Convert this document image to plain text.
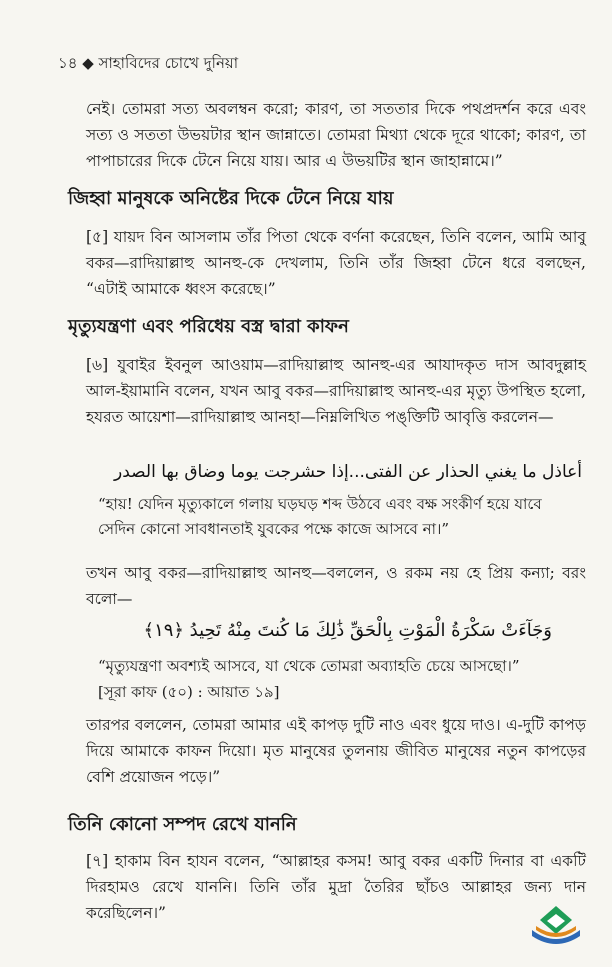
১৪ ◆ সাহাবিদের চোখে দুনিয়া

নেই। তোমরা সত্য অবলম্বন করো; কারণ, তা সততার দিকে পথপ্রদর্শন করে এবং সত্য ও সততা উভয়টার স্থান জান্নাতে। তোমরা মিথ্যা থেকে দূরে থাকো; কারণ, তা পাপাচারের দিকে টেনে নিয়ে যায়। আর এ উভয়টির স্থান জাহান্নামে।”

জিহ্বা মানুষকে অনিষ্টের দিকে টেনে নিয়ে যায়

[৫] যায়দ বিন আসলাম তাঁর পিতা থেকে বর্ণনা করেছেন, তিনি বলেন, আমি আবু বকর—রাদিয়াল্লাহু আনহু-কে দেখলাম, তিনি তাঁর জিহ্বা টেনে ধরে বলছেন, “এটাই আমাকে ধ্বংস করেছে।”

মৃত্যুযন্ত্রণা এবং পরিধেয় বস্ত্র দ্বারা কাফন

[৬] যুবাইর ইবনুল আওয়াম—রাদিয়াল্লাহু আনহু-এর আযাদকৃত দাস আবদুল্লাহ আল-ইয়ামানি বলেন, যখন আবু বকর—রাদিয়াল্লাহু আনহু-এর মৃত্যু উপস্থিত হলো, হযরত আয়েশা—রাদিয়াল্লাহু আনহা—নিম্নলিখিত পঙ্‌ক্তিটি আবৃত্তি করলেন—

أعاذل ما يغني الحذار عن الفتى...إذا حشرجت يوما وضاق بها الصدر

“হায়! যেদিন মৃত্যুকালে গলায় ঘড়ঘড় শব্দ উঠবে এবং বক্ষ সংকীর্ণ হয়ে যাবে সেদিন কোনো সাবধানতাই যুবকের পক্ষে কাজে আসবে না।”

তখন আবু বকর—রাদিয়াল্লাহু আনহু—বললেন, ও রকম নয় হে প্রিয় কন্যা; বরং বলো—

وَجَآءَتْ سَكْرَةُ الْمَوْتِ بِالْحَقِّ ذَٰلِكَ مَا كُنتَ مِنْهُ تَحِيدُ ﴿١٩﴾

“মৃত্যুযন্ত্রণা অবশ্যই আসবে, যা থেকে তোমরা অব্যাহতি চেয়ে আসছো।”

[সূরা কাফ (৫০) : আয়াত ১৯]

তারপর বললেন, তোমরা আমার এই কাপড় দুটি নাও এবং ধুয়ে দাও। এ-দুটি কাপড় দিয়ে আমাকে কাফন দিয়ো। মৃত মানুষের তুলনায় জীবিত মানুষের নতুন কাপড়ের বেশি প্রয়োজন পড়ে।”

তিনি কোনো সম্পদ রেখে যাননি

[৭] হাকাম বিন হাযন বলেন, “আল্লাহর কসম! আবু বকর একটি দিনার বা একটি দিরহামও রেখে যাননি। তিনি তাঁর মুদ্রা তৈরির ছাঁচও আল্লাহর জন্য দান করেছিলেন।”
